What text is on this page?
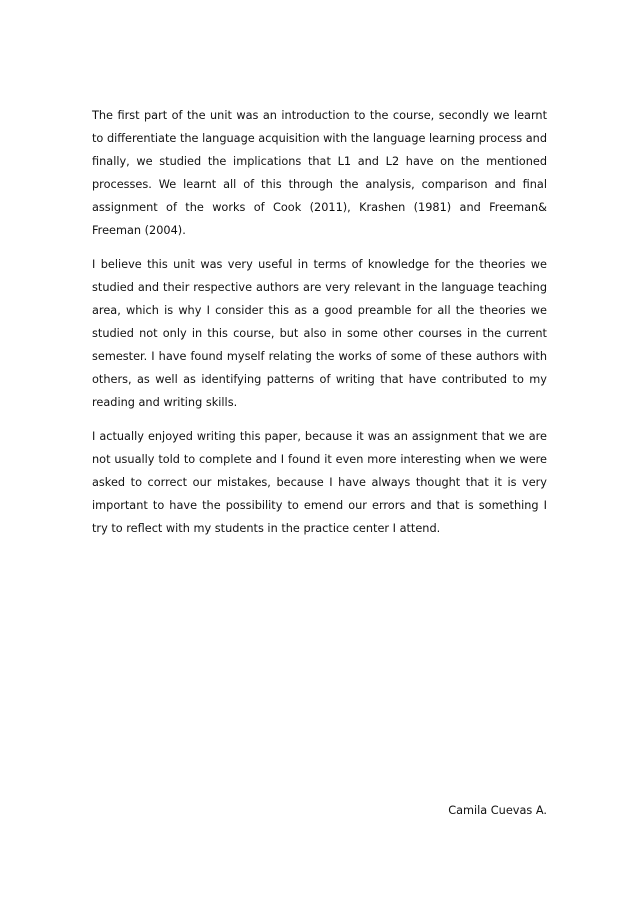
The first part of the unit was an introduction to the course, secondly we learnt to differentiate the language acquisition with the language learning process and finally, we studied the implications that L1 and L2 have on the mentioned processes. We learnt all of this through the analysis, comparison and final assignment of the works of Cook (2011), Krashen (1981) and Freeman& Freeman (2004).

I believe this unit was very useful in terms of knowledge for the theories we studied and their respective authors are very relevant in the language teaching area, which is why I consider this as a good preamble for all the theories we studied not only in this course, but also in some other courses in the current semester. I have found myself relating the works of some of these authors with others, as well as identifying patterns of writing that have contributed to my reading and writing skills.

I actually enjoyed writing this paper, because it was an assignment that we are not usually told to complete and I found it even more interesting when we were asked to correct our mistakes, because I have always thought that it is very important to have the possibility to emend our errors and that is something I try to reflect with my students in the practice center I attend.

Camila Cuevas A.
